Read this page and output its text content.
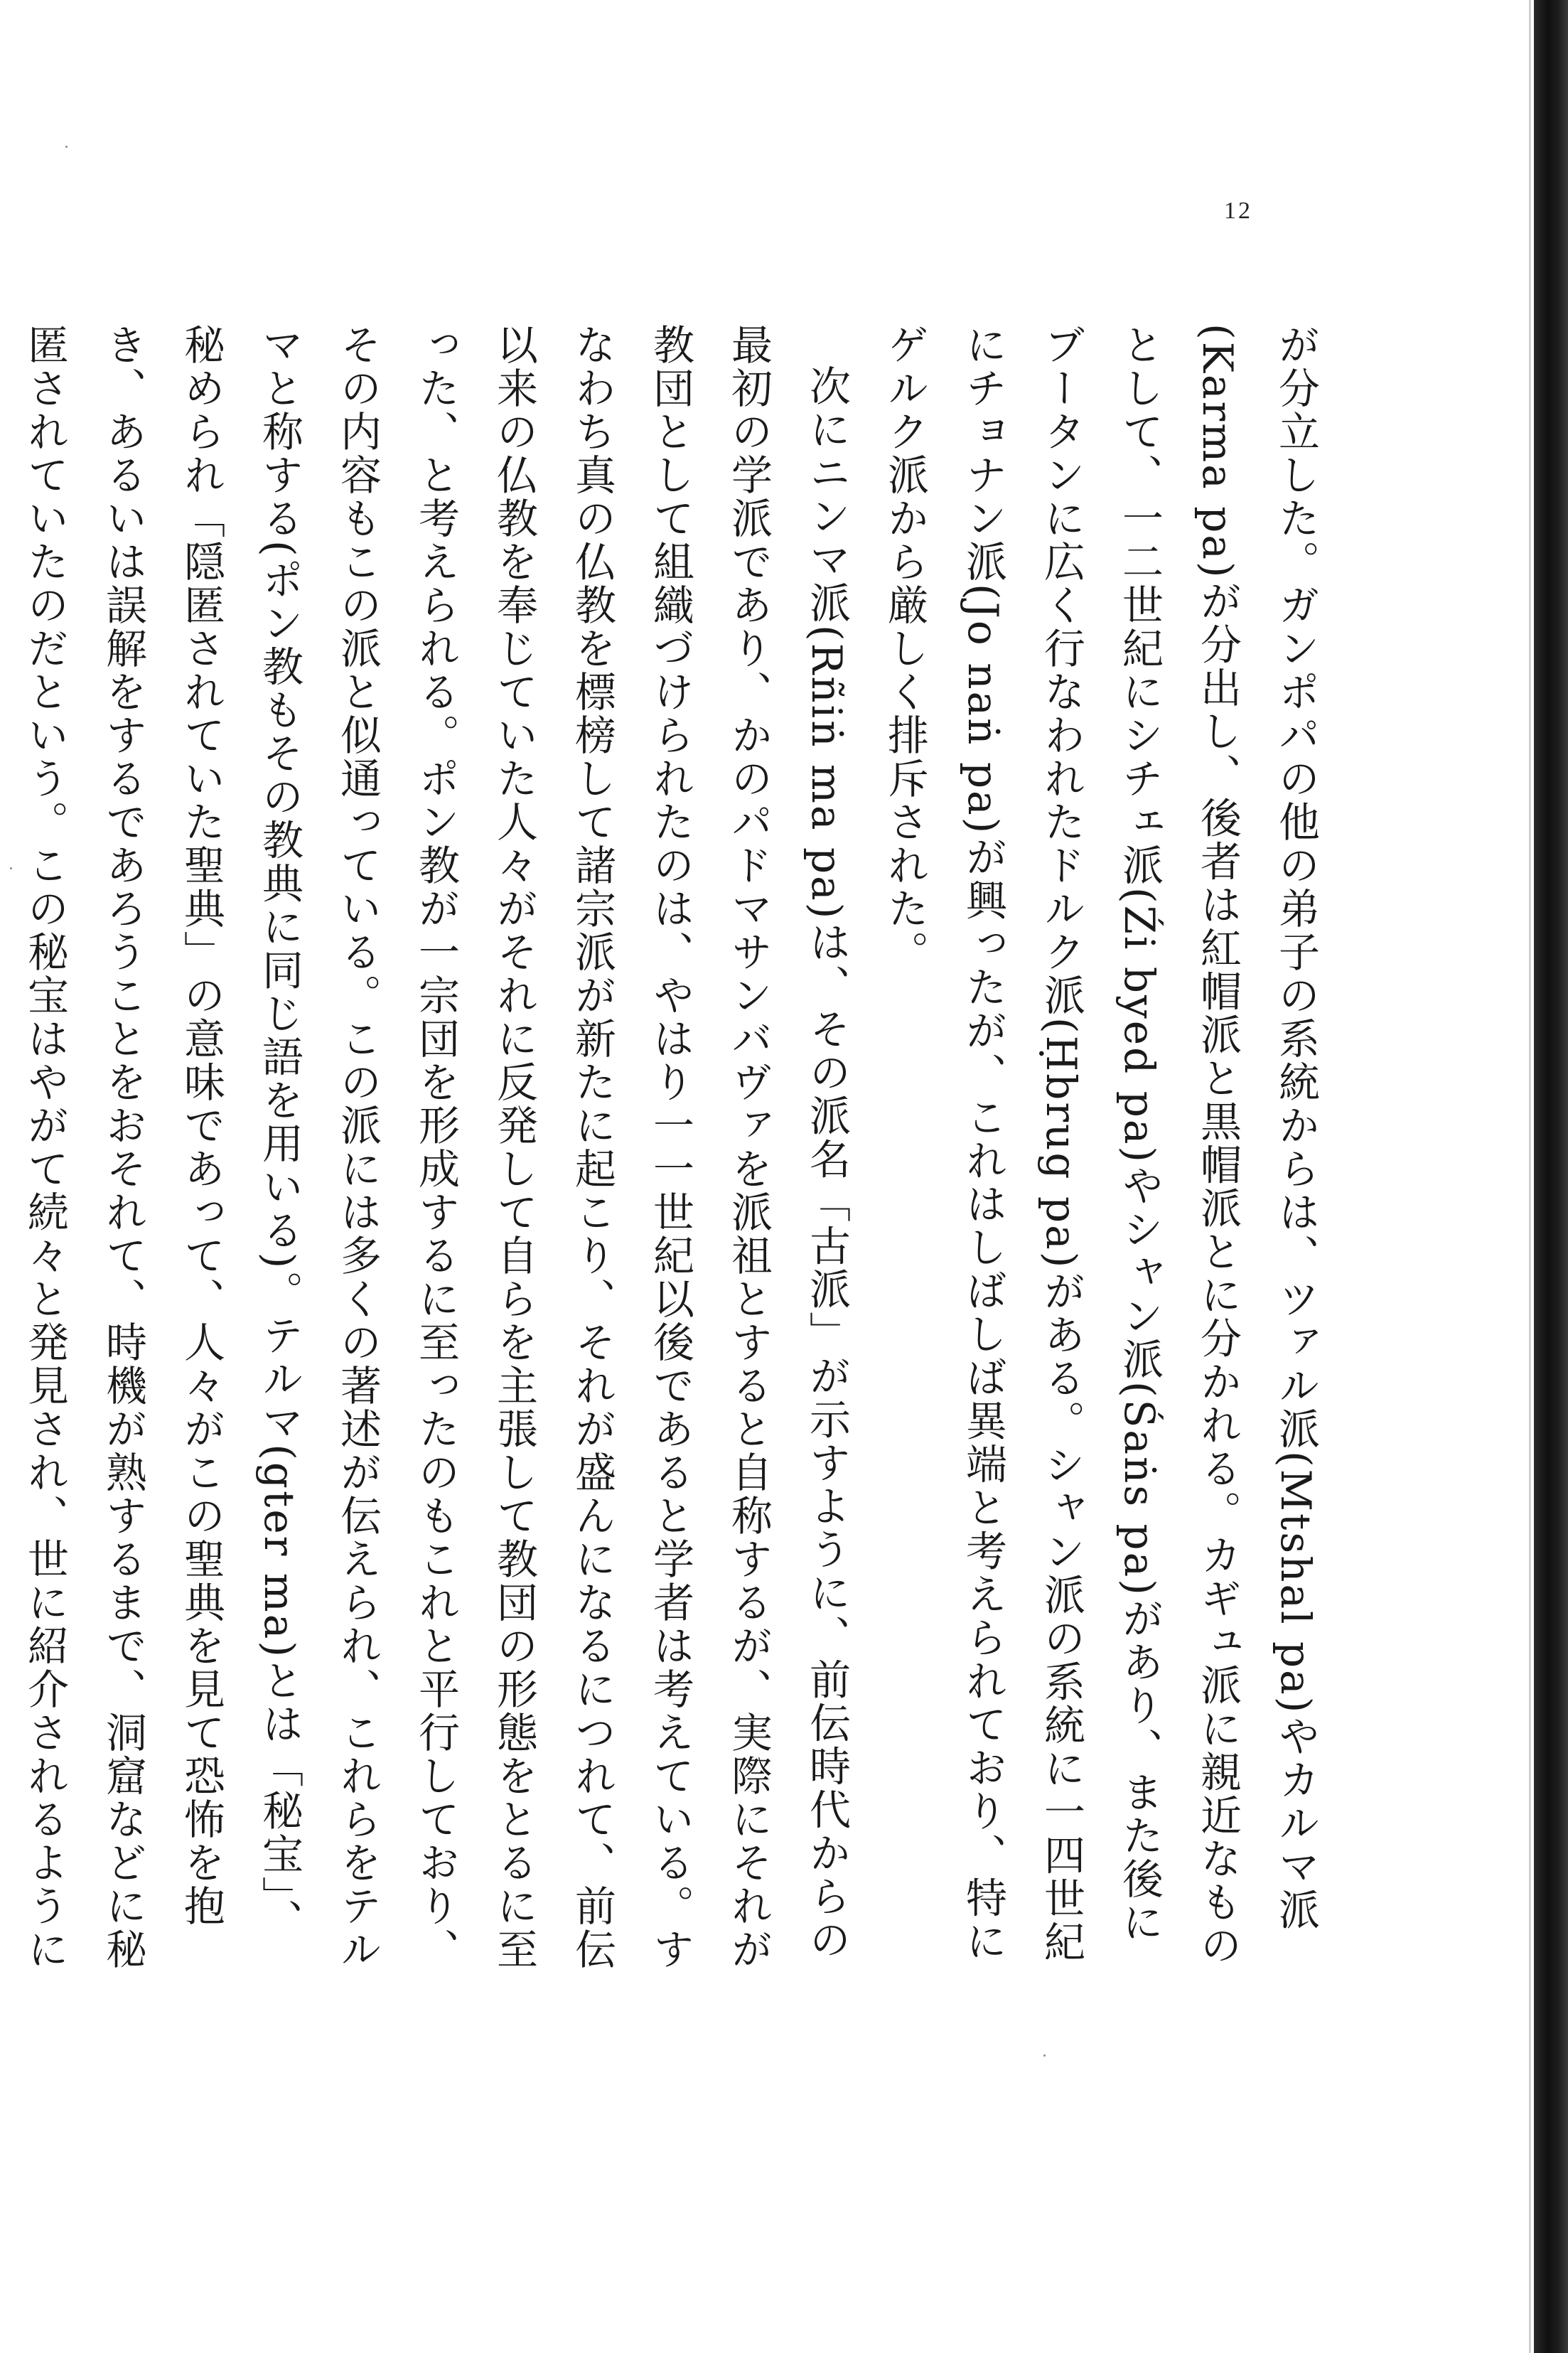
12

が分立した。ガンポパの他の弟子の系統からは、ツァル派(Mtshal pa)やカルマ派(Karma pa)が分出し、後者は紅帽派と黒帽派とに分かれる。カギュ派に親近なものとして、一二世紀にシチェ派(Źi byed pa)やシャン派(Śaṅs pa)があり、また後にブータンに広く行なわれたドルク派(Ḥbrug pa)がある。シャン派の系統に一四世紀にチョナン派(Jo naṅ pa)が興ったが、これはしばしば異端と考えられており、特にゲルク派から厳しく排斥された。

次にニンマ派(Rñiṅ ma pa)は、その派名「古派」が示すように、前伝時代からの最初の学派であり、かのパドマサンバヴァを派祖とすると自称するが、実際にそれが教団として組織づけられたのは、やはり一一世紀以後であると学者は考えている。すなわち真の仏教を標榜して諸宗派が新たに起こり、それが盛んになるにつれて、前伝以来の仏教を奉じていた人々がそれに反発して自らを主張して教団の形態をとるに至った、と考えられる。ポン教が一宗団を形成するに至ったのもこれと平行しており、その内容もこの派と似通っている。この派には多くの著述が伝えられ、これらをテルマと称する(ポン教もその教典に同じ語を用いる)。テルマ(gter ma)とは「秘宝」、秘められ「隠匿されていた聖典」の意味であって、人々がこの聖典を見て恐怖を抱き、あるいは誤解をするであろうことをおそれて、時機が熟するまで、洞窟などに秘匿されていたのだという。この秘宝はやがて続々と発見され、世に紹介されるように
